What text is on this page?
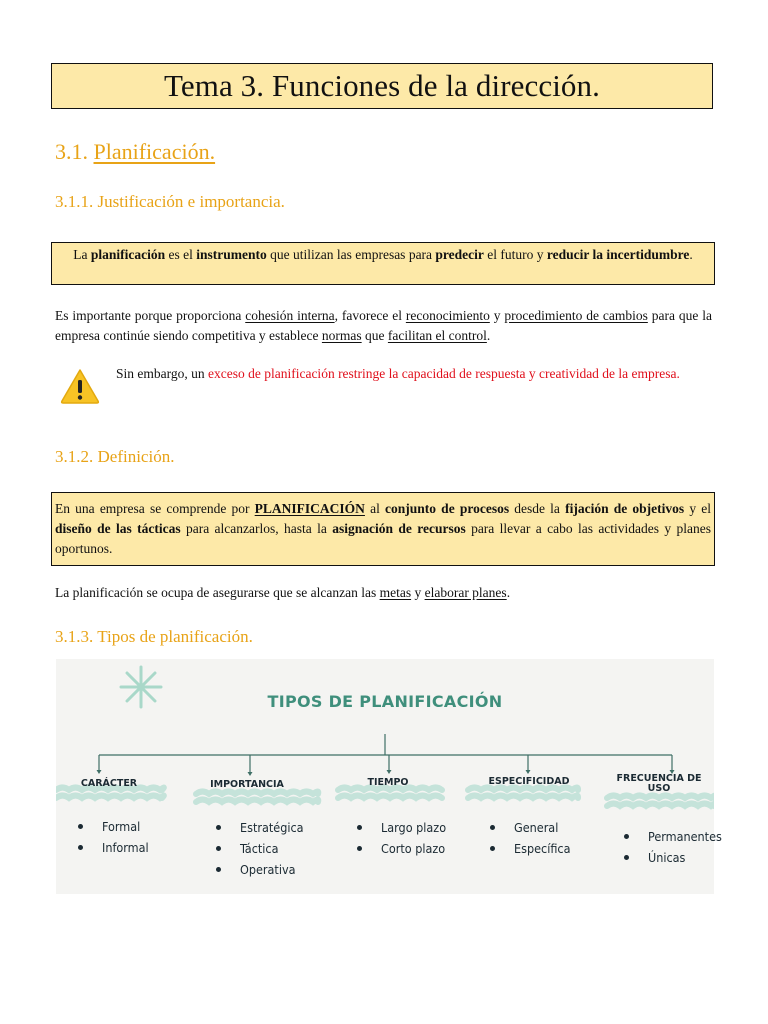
Tema 3. Funciones de la dirección.
3.1. Planificación.
3.1.1. Justificación e importancia.
La planificación es el instrumento que utilizan las empresas para predecir el futuro y reducir la incertidumbre.
Es importante porque proporciona cohesión interna, favorece el reconocimiento y procedimiento de cambios para que la empresa continúe siendo competitiva y establece normas que facilitan el control.
Sin embargo, un exceso de planificación restringe la capacidad de respuesta y creatividad de la empresa.
3.1.2. Definición.
En una empresa se comprende por PLANIFICACIÓN al conjunto de procesos desde la fijación de objetivos y el diseño de las tácticas para alcanzarlos, hasta la asignación de recursos para llevar a cabo las actividades y planes oportunos.
La planificación se ocupa de asegurarse que se alcanzan las metas y elaborar planes.
3.1.3. Tipos de planificación.
TIPOS DE PLANIFICACIÓN
CARÁCTER
Formal
Informal
IMPORTANCIA
Estratégica
Táctica
Operativa
TIEMPO
Largo plazo
Corto plazo
ESPECIFICIDAD
General
Específica
FRECUENCIA DE USO
Permanentes
Únicas
